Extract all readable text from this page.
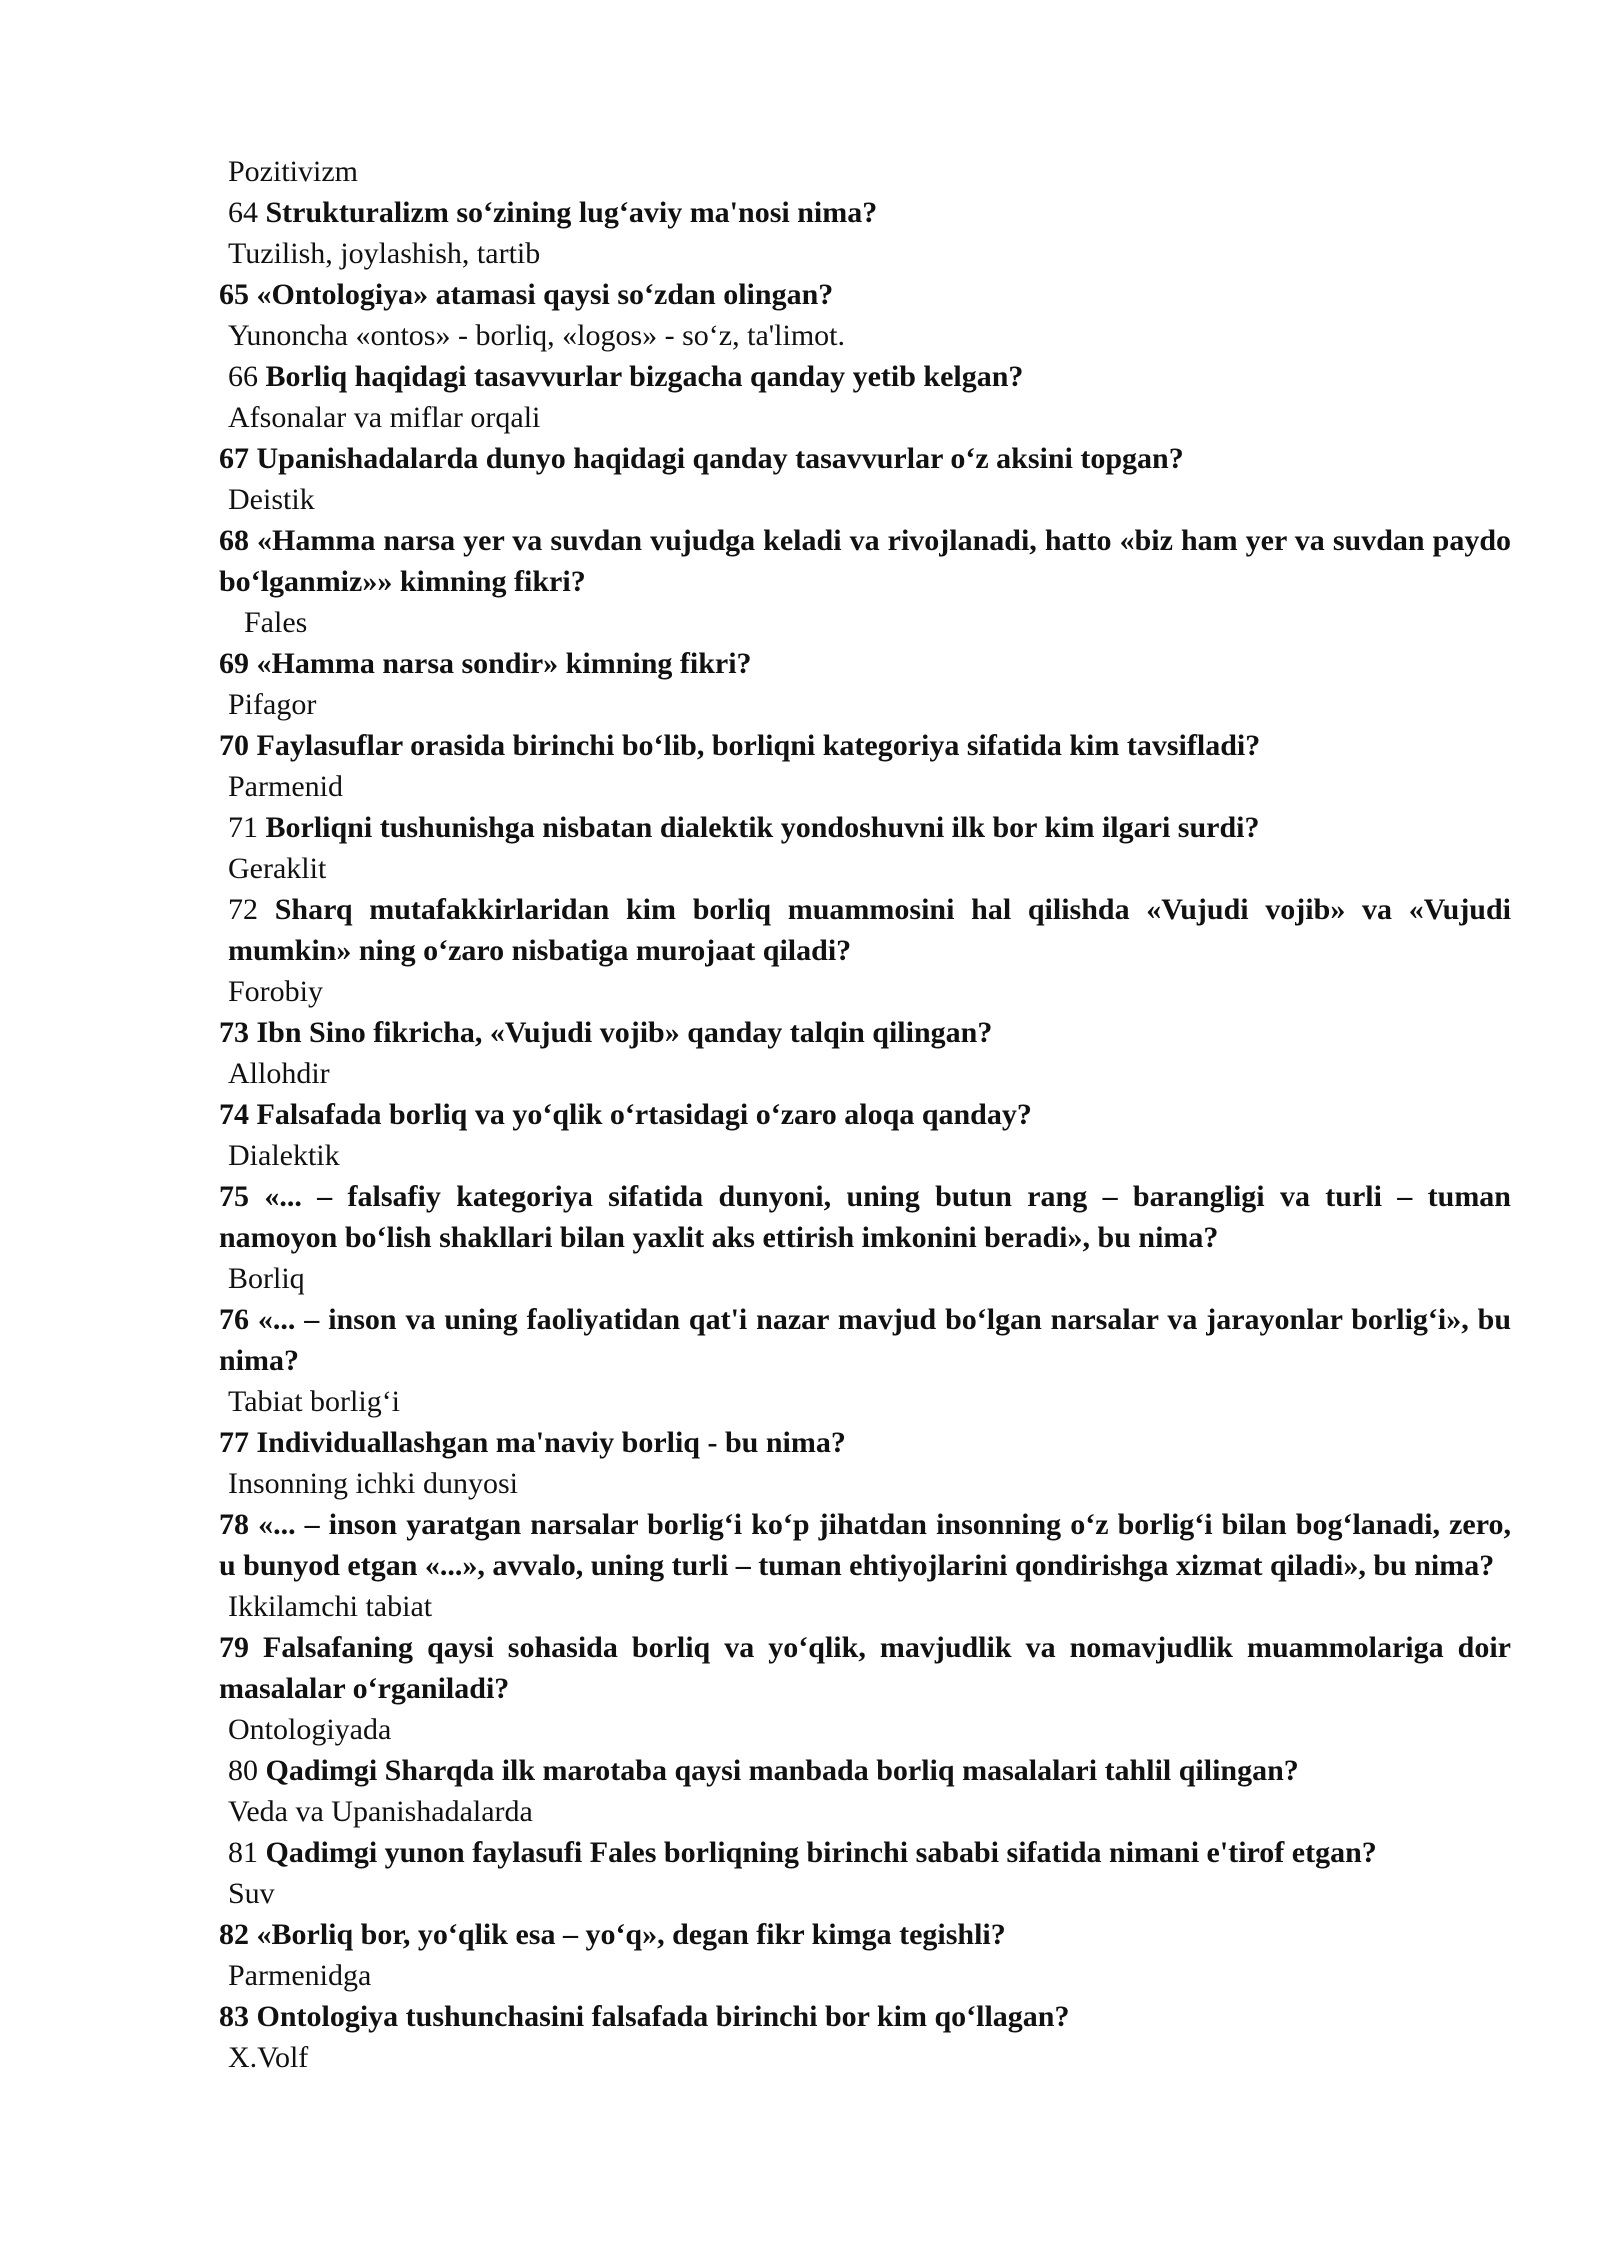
Pozitivizm

64 Strukturalizm so‘zining lug‘aviy ma'nosi nima?

Tuzilish, joylashish, tartib

65 «Ontologiya» atamasi qaysi so‘zdan olingan?

Yunoncha «ontos» - borliq, «logos» - so‘z, ta'limot.

66 Borliq haqidagi tasavvurlar bizgacha qanday yetib kelgan?

Afsonalar va miflar orqali

67 Upanishadalarda dunyo haqidagi qanday tasavvurlar o‘z aksini topgan?

Deistik

68 «Hamma narsa yer va suvdan vujudga keladi va rivojlanadi, hatto «biz ham yer va suvdan paydo bo‘lganmiz»» kimning fikri?

Fales

69 «Hamma narsa sondir» kimning fikri?

Pifagor

70 Faylasuflar orasida birinchi bo‘lib, borliqni kategoriya sifatida kim tavsifladi?

Parmenid

71 Borliqni tushunishga nisbatan dialektik yondoshuvni ilk bor kim ilgari surdi?

Geraklit

72 Sharq mutafakkirlaridan kim borliq muammosini hal qilishda «Vujudi vojib» va «Vujudi mumkin» ning o‘zaro nisbatiga murojaat qiladi?

Forobiy

73 Ibn Sino fikricha, «Vujudi vojib» qanday talqin qilingan?

Allohdir

74 Falsafada borliq va yo‘qlik o‘rtasidagi o‘zaro aloqa qanday?

Dialektik

75 «... – falsafiy kategoriya sifatida dunyoni, uning butun rang – barangligi va turli – tuman namoyon bo‘lish shakllari bilan yaxlit aks ettirish imkonini beradi», bu nima?

Borliq

76 «... – inson va uning faoliyatidan qat'i nazar mavjud bo‘lgan narsalar va jarayonlar borlig‘i», bu nima?

Tabiat borlig‘i

77 Individuallashgan ma'naviy borliq - bu nima?

Insonning ichki dunyosi

78 «... – inson yaratgan narsalar borlig‘i ko‘p jihatdan insonning o‘z borlig‘i bilan bog‘lanadi, zero, u bunyod etgan «...», avvalo, uning turli – tuman ehtiyojlarini qondirishga xizmat qiladi», bu nima?

Ikkilamchi tabiat

79 Falsafaning qaysi sohasida borliq va yo‘qlik, mavjudlik va nomavjudlik muammolariga doir masalalar o‘rganiladi?

Ontologiyada

80 Qadimgi Sharqda ilk marotaba qaysi manbada borliq masalalari tahlil qilingan?

Veda va Upanishadalarda

81 Qadimgi yunon faylasufi Fales borliqning birinchi sababi sifatida nimani e'tirof etgan?

Suv

82 «Borliq bor, yo‘qlik esa – yo‘q», degan fikr kimga tegishli?

Parmenidga

83 Ontologiya tushunchasini falsafada birinchi bor kim qo‘llagan?

X.Volf
